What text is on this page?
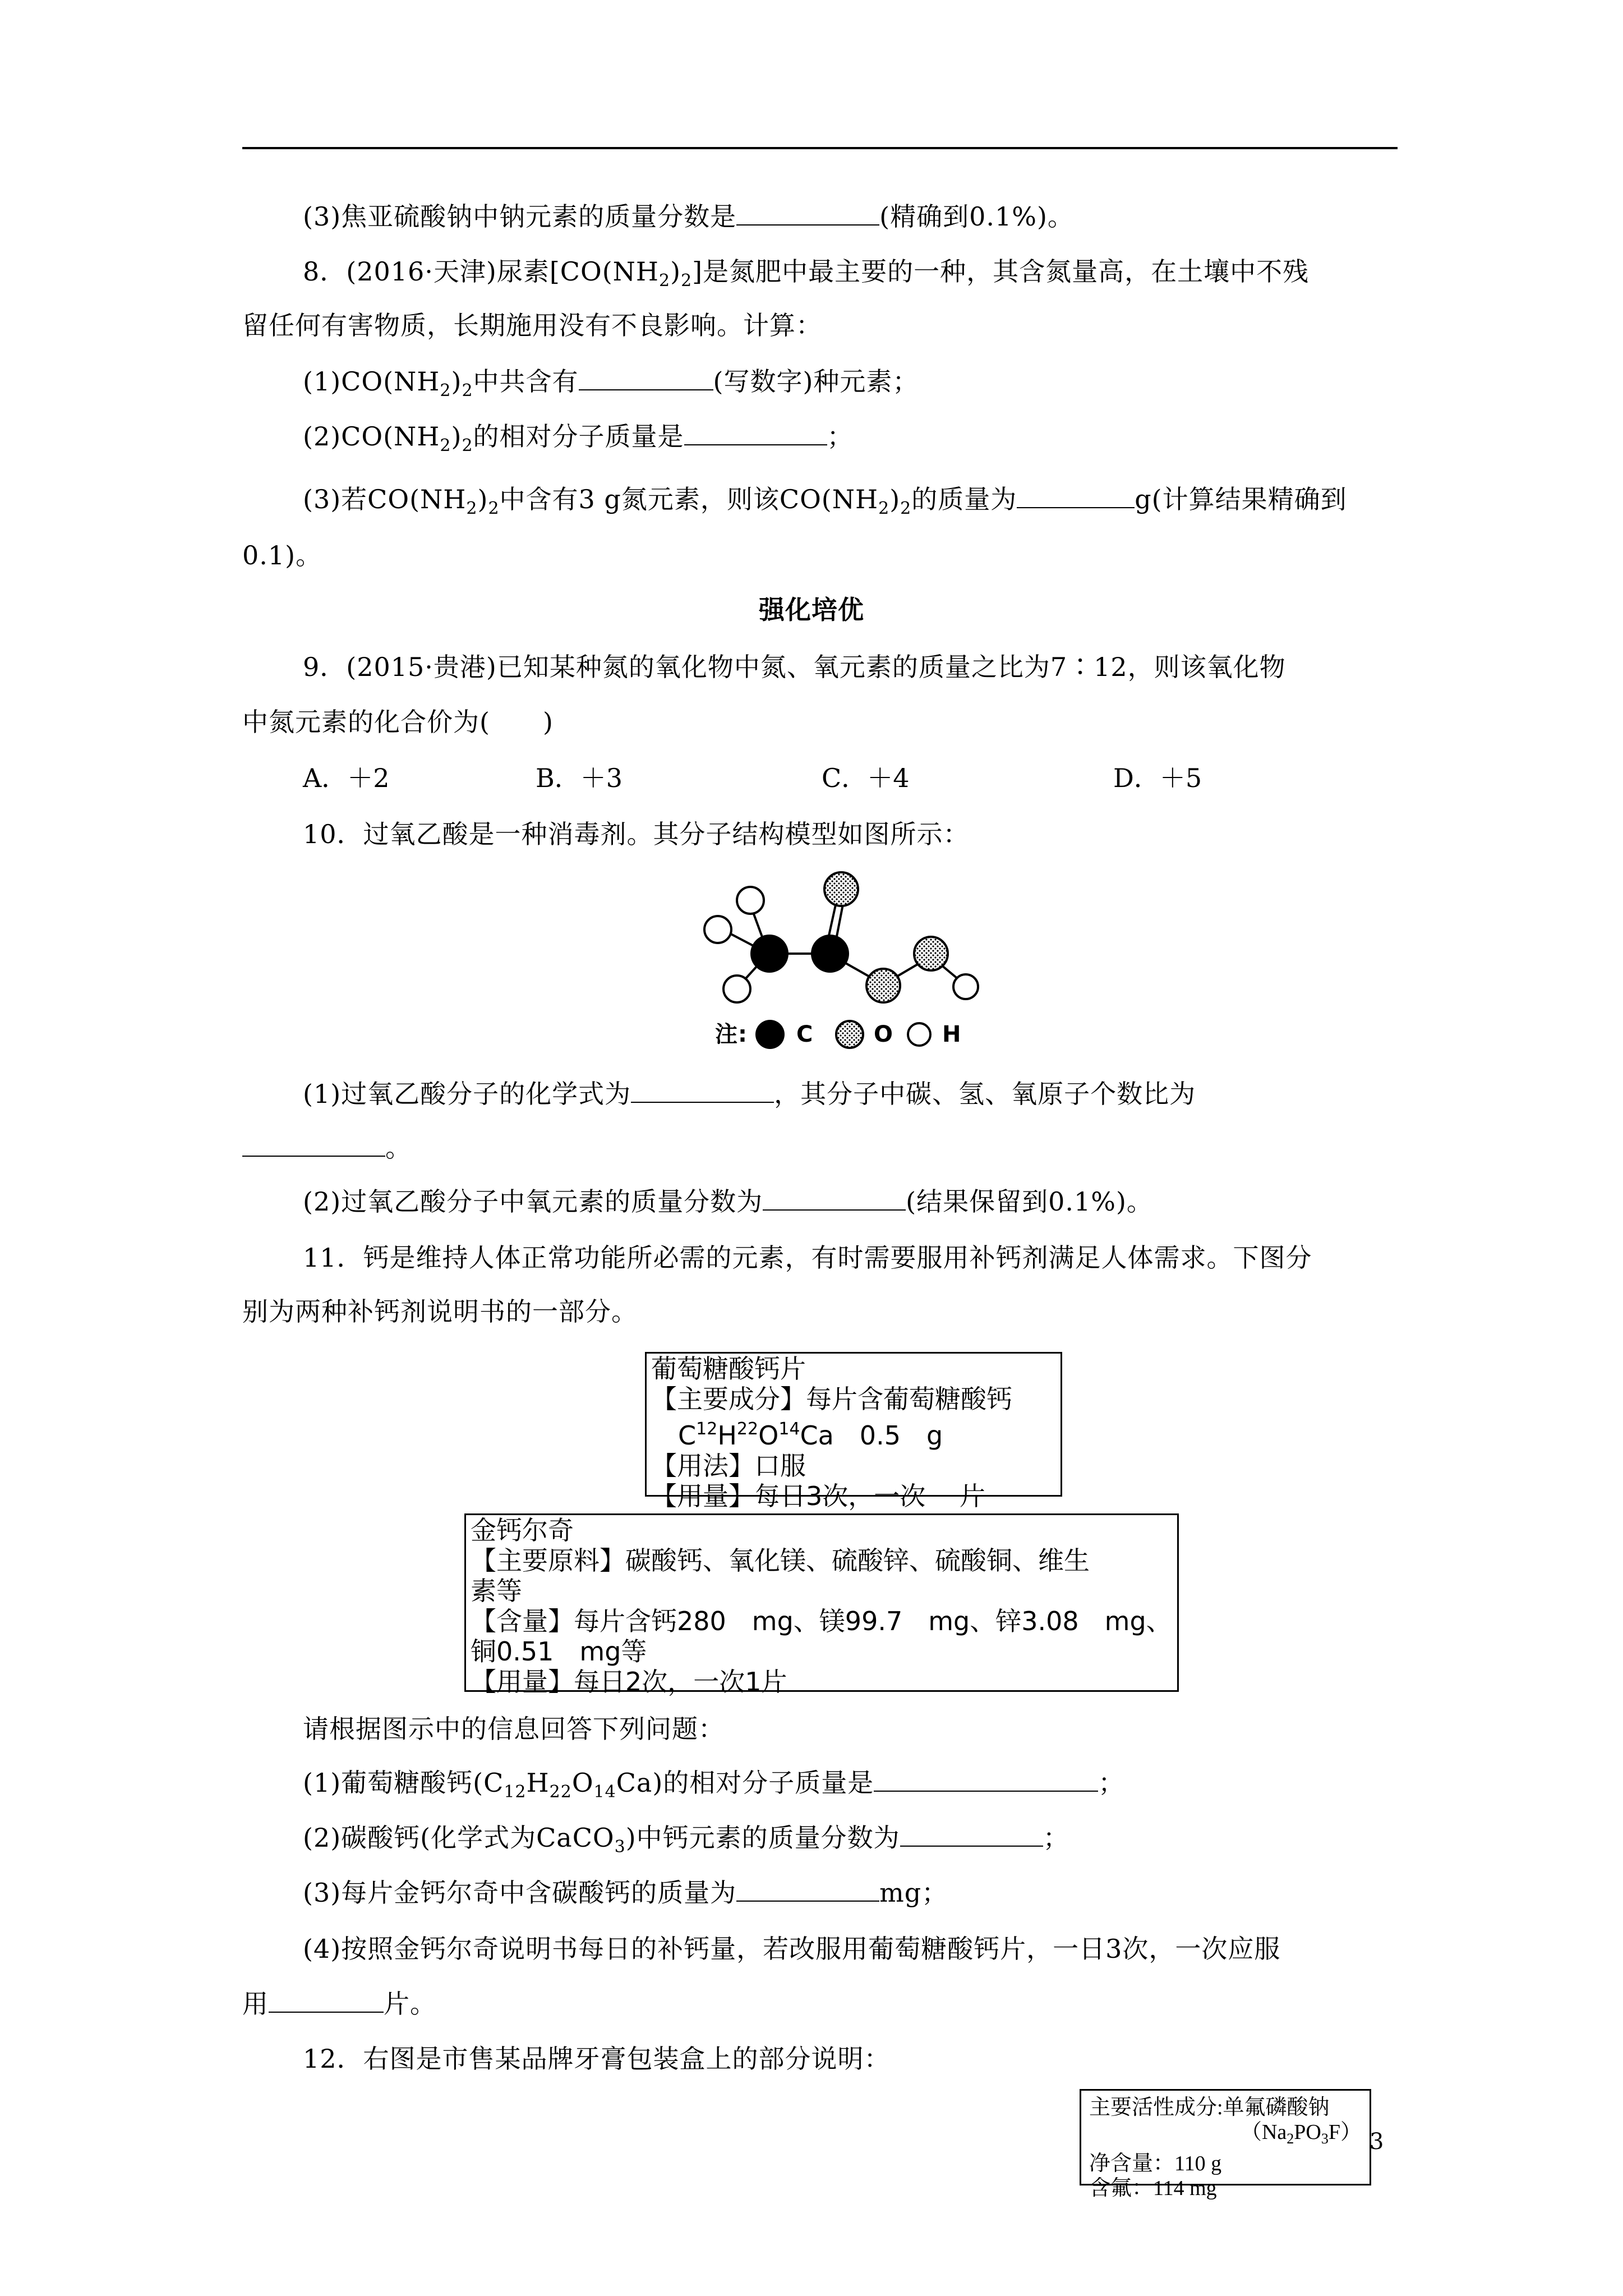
(3)焦亚硫酸钠中钠元素的质量分数是	(精确到0.1%)。
8．(2016·天津)尿素$[CO(NH_2)_2]$是氮肥中最主要的一种，其含氮量高，在土壤中不残
留任何有害物质，长期施用没有不良影响。计算：
$(1)CO(NH_2)_2$中共含有	(写数字)种元素；
$(2)CO(NH_2)_2$的相对分子质量是	；
(3)若$CO(NH_2)_2$中含有3 g氮元素，则该$CO(NH_2)_2$的质量为	g(计算结果精确到
0.1)。
强化培优
9．(2015·贵港)已知某种氮的氧化物中氮、氧元素的质量之比为7∶12，则该氧化物
中氮元素的化合价为(　　)
A．＋2	B．＋3	C．＋4	D．＋5
10．过氧乙酸是一种消毒剂。其分子结构模型如图所示：
注: C	O H
(1)过氧乙酸分子的化学式为	，其分子中碳、氢、氧原子个数比为
。
(2)过氧乙酸分子中氧元素的质量分数为	(结果保留到0.1%)。
11．钙是维持人体正常功能所必需的元素，有时需要服用补钙剂满足人体需求。下图分
别为两种补钙剂说明书的一部分。
葡萄糖酸钙片
【主要成分】每片含葡萄糖酸钙
$C^{12}H^{22}O^{14}Ca$　0.5　g
【用法】口服
【用量】每日3次，一次　 片
金钙尔奇
【主要原料】碳酸钙、氧化镁、硫酸锌、硫酸铜、维生
素等
【含量】每片含钙280　mg、镁99.7　mg、锌3.08　mg、
铜0.51　mg等
【用量】每日2次，一次1片
请根据图示中的信息回答下列问题：
(1)葡萄糖酸钙$(C_{12}H_{22}O_{14}Ca)$的相对分子质量是	；
(2)碳酸钙(化学式为CaCO$_3$)中钙元素的质量分数为	；
(3)每片金钙尔奇中含碳酸钙的质量为	mg；
(4)按照金钙尔奇说明书每日的补钙量，若改服用葡萄糖酸钙片，一日3次，一次应服
用	片。
12．右图是市售某品牌牙膏包装盒上的部分说明：
主要活性成分:单氟磷酸钠
$(Na_2PO_3F)$
净含量：110 g
含氟：114 mg
3
